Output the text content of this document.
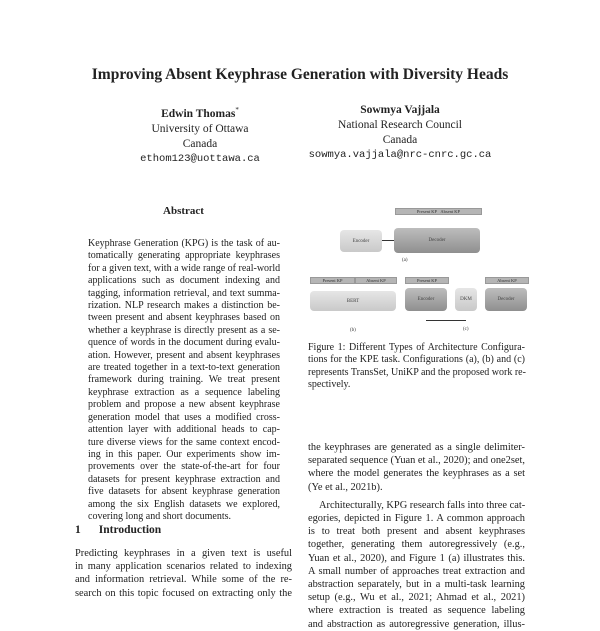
Improving Absent Keyphrase Generation with Diversity Heads
Edwin Thomas*
University of Ottawa
Canada
ethom123@uottawa.ca
Sowmya Vajjala
National Research Council
Canada
sowmya.vajjala@nrc-cnrc.gc.ca
Abstract
Keyphrase Generation (KPG) is the task of au-
tomatically generating appropriate keyphrases
for a given text, with a wide range of real-world
applications such as document indexing and
tagging, information retrieval, and text summa-
rization. NLP research makes a distinction be-
tween present and absent keyphrases based on
whether a keyphrase is directly present as a se-
quence of words in the document during evalu-
ation. However, present and absent keyphrases
are treated together in a text-to-text generation
framework during training. We treat present
keyphrase extraction as a sequence labeling
problem and propose a new absent keyphrase
generation model that uses a modified cross-
attention layer with additional heads to cap-
ture diverse views for the same context encod-
ing in this paper. Our experiments show im-
provements over the state-of-the-art for four
datasets for present keyphrase extraction and
five datasets for absent keyphrase generation
among the six English datasets we explored,
covering long and short documents.
1 Introduction
Predicting keyphrases in a given text is useful
in many application scenarios related to indexing
and information retrieval. While some of the re-
search on this topic focused on extracting only the
Present KP
Absent KP
Encoder	Decoder
(a)
Present KP	Absent KP
BERT
(b)
Present KP
Encoder	DKM
Absent KP
Decoder
(c)
Figure 1: Different Types of Architecture Configura-
tions for the KPE task. Configurations (a), (b) and (c)
represents TransSet, UniKP and the proposed work re-
spectively.
the keyphrases are generated as a single delimiter-
separated sequence (Yuan et al., 2020); and one2set,
where the model generates the keyphrases as a set
(Ye et al., 2021b).
Architecturally, KPG research falls into three cat-
egories, depicted in Figure 1. A common approach
is to treat both present and absent keyphrases
together, generating them autoregressively (e.g.,
Yuan et al., 2020), and Figure 1 (a) illustrates this.
A small number of approaches treat extraction and
abstraction separately, but in a multi-task learning
setup (e.g., Wu et al., 2021; Ahmad et al., 2021)
where extraction is treated as sequence labeling
and abstraction as autoregressive generation, illus-
